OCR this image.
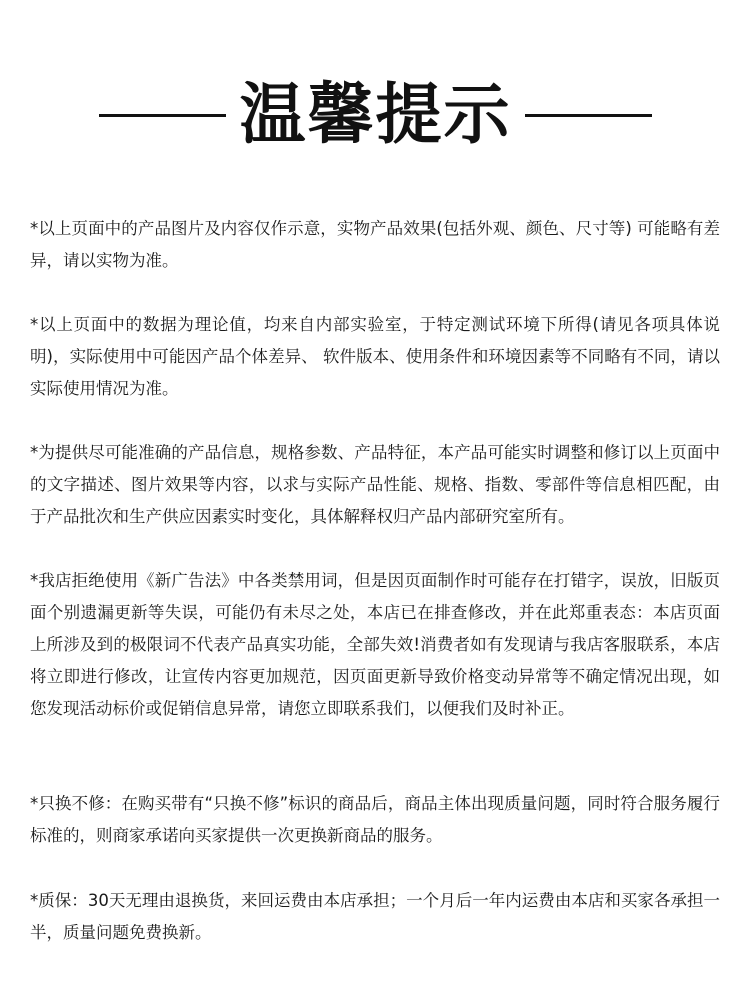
温馨提示

*以上页面中的产品图片及内容仅作示意，实物产品效果(包括外观、颜色、尺寸等) 可能略有差异，请以实物为准。

*以上页面中的数据为理论值，均来自内部实验室，于特定测试环境下所得(请见各项具体说明)，实际使用中可能因产品个体差异、 软件版本、使用条件和环境因素等不同略有不同，请以实际使用情况为准。

*为提供尽可能准确的产品信息，规格参数、产品特征，本产品可能实时调整和修订以上页面中的文字描述、图片效果等内容，以求与实际产品性能、规格、指数、零部件等信息相匹配，由于产品批次和生产供应因素实时变化，具体解释权归产品内部研究室所有。

*我店拒绝使用《新广告法》中各类禁用词，但是因页面制作时可能存在打错字，误放，旧版页面个别遗漏更新等失误，可能仍有未尽之处，本店已在排查修改，并在此郑重表态：本店页面上所涉及到的极限词不代表产品真实功能，全部失效!消费者如有发现请与我店客服联系，本店将立即进行修改，让宣传内容更加规范，因页面更新导致价格变动异常等不确定情况出现，如您发现活动标价或促销信息异常，请您立即联系我们，以便我们及时补正。

*只换不修：在购买带有“只换不修”标识的商品后，商品主体出现质量问题，同时符合服务履行标准的，则商家承诺向买家提供一次更换新商品的服务。

*质保：30天无理由退换货，来回运费由本店承担；一个月后一年内运费由本店和买家各承担一半，质量问题免费换新。
